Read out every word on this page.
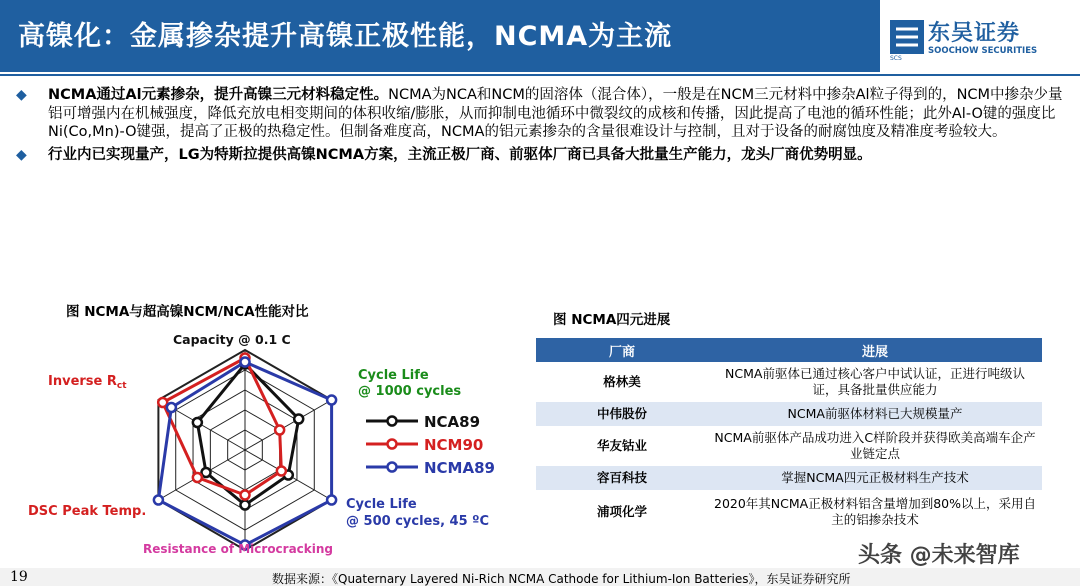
高镍化：金属掺杂提升高镍正极性能，NCMA为主流	东吴证券
SOOCHOW SECURITIES
SCS
◆ NCMA通过Al元素掺杂，提升高镍三元材料稳定性。NCMA为NCA和NCM的固溶体（混合体），一般是在NCM三元材料中掺杂Al粒子得到的，NCM中掺杂少量铝可增强内在机械强度，降低充放电相变期间的体积收缩/膨胀，从而抑制电池循环中微裂纹的成核和传播，因此提高了电池的循环性能；此外Al-O键的强度比Ni(Co,Mn)-O键强，提高了正极的热稳定性。但制备难度高，NCMA的铝元素掺杂的含量很难设计与控制，且对于设备的耐腐蚀度及精准度考验较大。
◆ 行业内已实现量产，LG为特斯拉提供高镍NCMA方案，主流正极厂商、前驱体厂商已具备大批量生产能力，龙头厂商优势明显。
图 NCMA与超高镍NCM/NCA性能对比	图 NCMA四元进展
Capacity @ 0.1 C
Cycle Life
@ 1000 cycles
Cycle Life
@ 500 cycles, 45 ºC
Resistance of Microcracking
DSC Peak Temp.
Inverse $R_{ct}$
NCA89
NCM90
NCMA89
厂商	进展
格林美	NCMA前驱体已通过核心客户中试认证，正进行吨级认证，具备批量供应能力
中伟股份	NCMA前驱体材料已大规模量产
华友钴业	NCMA前驱体产品成功进入C样阶段并获得欧美高端车企产业链定点
容百科技	掌握NCMA四元正极材料生产技术
浦项化学	2020年其NCMA正极材料铝含量增加到80%以上，采用自主的铝掺杂技术
19	数据来源：《Quaternary Layered Ni-Rich NCMA Cathode for Lithium-Ion Batteries》，东吴证券研究所
头条 @未来智库
